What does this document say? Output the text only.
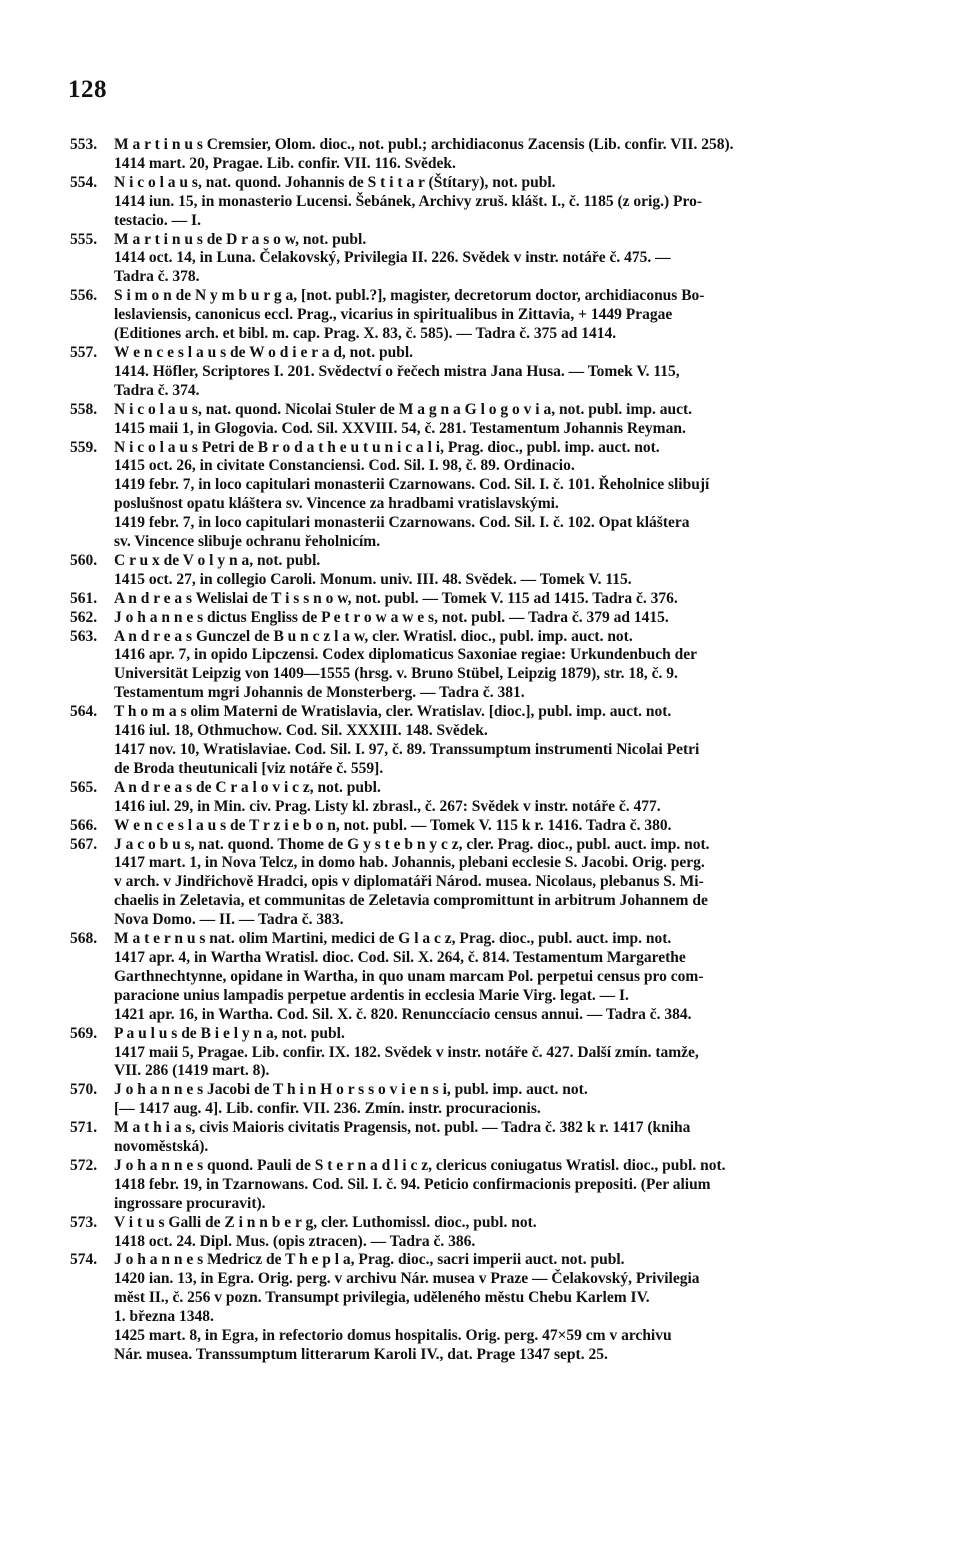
128
553. M a r t i n u s Cremsier, Olom. dioc., not. publ.; archidiaconus Zacensis (Lib. confir. VII. 258).
1414 mart. 20, Pragae. Lib. confir. VII. 116. Svědek.
554. N i c o l a u s, nat. quond. Johannis de S t i t a r (Štítary), not. publ.
1414 iun. 15, in monasterio Lucensi. Šebánek, Archivy zruš. klášt. I., č. 1185 (z orig.) Pro-
testacio. — I.
555. M a r t i n u s de D r a s o w, not. publ.
1414 oct. 14, in Luna. Čelakovský, Privilegia II. 226. Svědek v instr. notáře č. 475. —
Tadra č. 378.
556. S i m o n de N y m b u r g a, [not. publ.?], magister, decretorum doctor, archidiaconus Bo-
leslaviensis, canonicus eccl. Prag., vicarius in spiritualibus in Zittavia, + 1449 Pragae
(Editiones arch. et bibl. m. cap. Prag. X. 83, č. 585). — Tadra č. 375 ad 1414.
557. W e n c e s l a u s de W o d i e r a d, not. publ.
1414. Höfler, Scriptores I. 201. Svědectví o řečech mistra Jana Husa. — Tomek V. 115,
Tadra č. 374.
558. N i c o l a u s, nat. quond. Nicolai Stuler de M a g n a G l o g o v i a, not. publ. imp. auct.
1415 maii 1, in Glogovia. Cod. Sil. XXVIII. 54, č. 281. Testamentum Johannis Reyman.
559. N i c o l a u s Petri de B r o d a t h e u t u n i c a l i, Prag. dioc., publ. imp. auct. not.
1415 oct. 26, in civitate Constanciensi. Cod. Sil. I. 98, č. 89. Ordinacio.
1419 febr. 7, in loco capitulari monasterii Czarnowans. Cod. Sil. I. č. 101. Řeholnice slibují
poslušnost opatu kláštera sv. Vincence za hradbami vratislavskými.
1419 febr. 7, in loco capitulari monasterii Czarnowans. Cod. Sil. I. č. 102. Opat kláštera
sv. Vincence slibuje ochranu řeholnicím.
560. C r u x de V o l y n a, not. publ.
1415 oct. 27, in collegio Caroli. Monum. univ. III. 48. Svědek. — Tomek V. 115.
561. A n d r e a s Welislai de T i s s n o w, not. publ. — Tomek V. 115 ad 1415. Tadra č. 376.
562. J o h a n n e s dictus Engliss de P e t r o w a w e s, not. publ. — Tadra č. 379 ad 1415.
563. A n d r e a s Gunczel de B u n c z l a w, cler. Wratisl. dioc., publ. imp. auct. not.
1416 apr. 7, in opido Lipczensi. Codex diplomaticus Saxoniae regiae: Urkundenbuch der
Universität Leipzig von 1409—1555 (hrsg. v. Bruno Stübel, Leipzig 1879), str. 18, č. 9.
Testamentum mgri Johannis de Monsterberg. — Tadra č. 381.
564. T h o m a s olim Materni de Wratislavia, cler. Wratislav. [dioc.], publ. imp. auct. not.
1416 iul. 18, Othmuchow. Cod. Sil. XXXIII. 148. Svědek.
1417 nov. 10, Wratislaviae. Cod. Sil. I. 97, č. 89. Transsumptum instrumenti Nicolai Petri
de Broda theutunicali [viz notáře č. 559].
565. A n d r e a s de C r a l o v i c z, not. publ.
1416 iul. 29, in Min. civ. Prag. Listy kl. zbrasl., č. 267: Svědek v instr. notáře č. 477.
566. W e n c e s l a u s de T r z i e b o n, not. publ. — Tomek V. 115 k r. 1416. Tadra č. 380.
567. J a c o b u s, nat. quond. Thome de G y s t e b n y c z, cler. Prag. dioc., publ. auct. imp. not.
1417 mart. 1, in Nova Telcz, in domo hab. Johannis, plebani ecclesie S. Jacobi. Orig. perg.
v arch. v Jindřichově Hradci, opis v diplomatáři Národ. musea. Nicolaus, plebanus S. Mi-
chaelis in Zeletavia, et communitas de Zeletavia compromittunt in arbitrum Johannem de
Nova Domo. — II. — Tadra č. 383.
568. M a t e r n u s nat. olim Martini, medici de G l a c z, Prag. dioc., publ. auct. imp. not.
1417 apr. 4, in Wartha Wratisl. dioc. Cod. Sil. X. 264, č. 814. Testamentum Margarethe
Garthnechtynne, opidane in Wartha, in quo unam marcam Pol. perpetui census pro com-
paracione unius lampadis perpetue ardentis in ecclesia Marie Virg. legat. — I.
1421 apr. 16, in Wartha. Cod. Sil. X. č. 820. Renunccíacio census annui. — Tadra č. 384.
569. P a u l u s de B i e l y n a, not. publ.
1417 maii 5, Pragae. Lib. confir. IX. 182. Svědek v instr. notáře č. 427. Další zmín. tamže,
VII. 286 (1419 mart. 8).
570. J o h a n n e s Jacobi de T h i n H o r s s o v i e n s i, publ. imp. auct. not.
[— 1417 aug. 4]. Lib. confir. VII. 236. Zmín. instr. procuracionis.
571. M a t h i a s, civis Maioris civitatis Pragensis, not. publ. — Tadra č. 382 k r. 1417 (kniha
novoměstská).
572. J o h a n n e s quond. Pauli de S t e r n a d l i c z, clericus coniugatus Wratisl. dioc., publ. not.
1418 febr. 19, in Tzarnowans. Cod. Sil. I. č. 94. Peticio confirmacionis prepositi. (Per alium
ingrossare procuravit).
573. V i t u s Galli de Z i n n b e r g, cler. Luthomissl. dioc., publ. not.
1418 oct. 24. Dipl. Mus. (opis ztracen). — Tadra č. 386.
574. J o h a n n e s Medricz de T h e p l a, Prag. dioc., sacri imperii auct. not. publ.
1420 ian. 13, in Egra. Orig. perg. v archivu Nár. musea v Praze — Čelakovský, Privilegia
měst II., č. 256 v pozn. Transumpt privilegia, uděleného městu Chebu Karlem IV.
1. března 1348.
1425 mart. 8, in Egra, in refectorio domus hospitalis. Orig. perg. 47×59 cm v archivu
Nár. musea. Transsumptum litterarum Karoli IV., dat. Prage 1347 sept. 25.
